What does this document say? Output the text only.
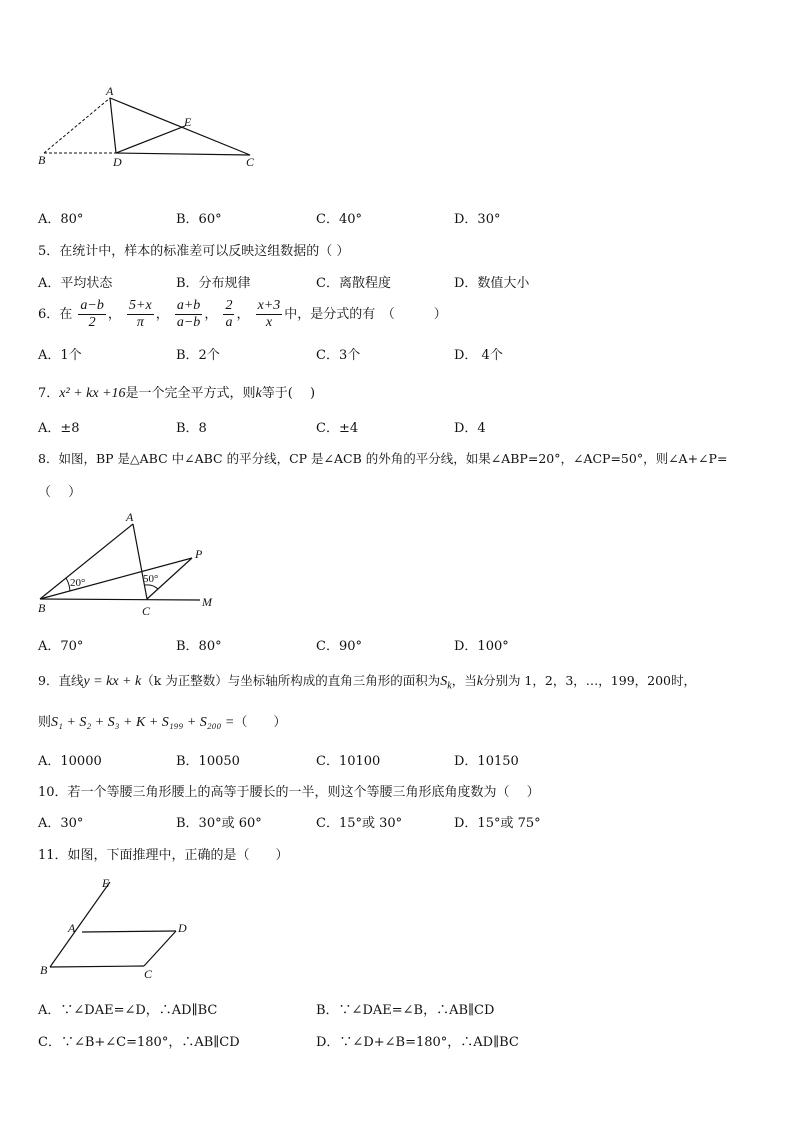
A
B	D	C
E
A．80°	B．60°	C．40°	D．30°
5．在统计中，样本的标准差可以反映这组数据的（ ）
A．平均状态	B．分布规律	C．离散程度	D．数值大小
6．在 $\frac{a-b}{2}$ ， $\frac{5+x}{\pi}$ ， $\frac{a+b}{a-b}$ ， $\frac{2}{a}$ ， $\frac{x+3}{x}$ 中，是分式的有　（　　　）
A．1个	B．2个	C．3个	D． 4个
7．x² + kx +16是一个完全平方式，则k等于(　 )
A．±8	B．8	C．±4	D．4
8．如图，BP 是△ABC 中∠ABC 的平分线，CP 是∠ACB 的外角的平分线，如果∠ABP=20°，∠ACP=50°，则∠A+∠P=
（　 ）
A
B	C
P
M
20°	50°
A．70°	B．80°	C．90°	D．100°
9．直线y = kx + k（k 为正整数）与坐标轴所构成的直角三角形的面积为$S_k$，当k分别为 1，2，3，…，199，200时，
则S₁ + S₂ + S₃ + K + S₁₉₉ + S₂₀₀ =（　　）
A．10000	B．10050	C．10100	D．10150
10．若一个等腰三角形腰上的高等于腰长的一半，则这个等腰三角形底角度数为（　 ）
A．30°	B．30°或 60°	C．15°或 30°	D．15°或 75°
11．如图，下面推理中，正确的是（　　）
E
A	D
B	C
A．∵∠DAE=∠D，∴AD∥BC	B．∵∠DAE=∠B，∴AB∥CD
C．∵∠B+∠C=180°，∴AB∥CD	D．∵∠D+∠B=180°，∴AD∥BC
